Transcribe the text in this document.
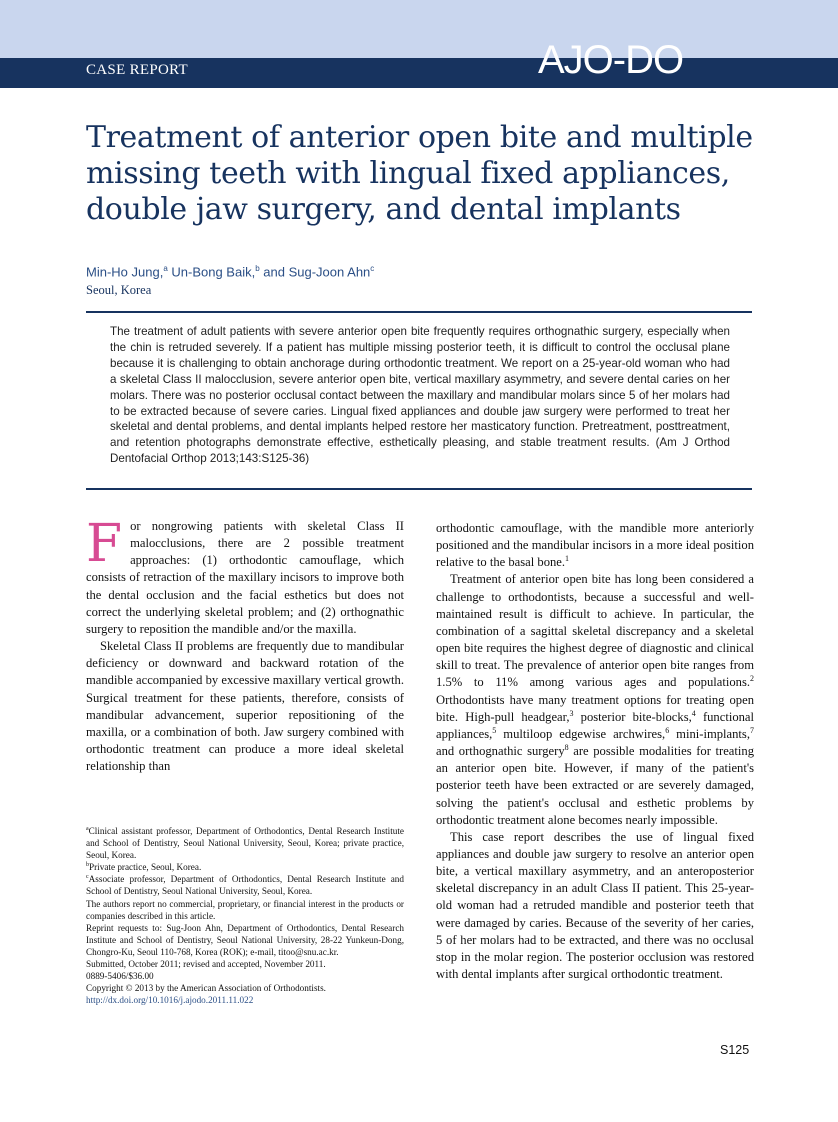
CASE REPORT	AJO-DO
Treatment of anterior open bite and multiple
missing teeth with lingual fixed appliances,
double jaw surgery, and dental implants
Min-Ho Jung,$^a$ Un-Bong Baik,$^b$ and Sug-Joon Ahn$^c$
Seoul, Korea

The treatment of adult patients with severe anterior open bite frequently requires orthognathic surgery, especially when the chin is retruded severely. If a patient has multiple missing posterior teeth, it is difficult to control the occlusal plane because it is challenging to obtain anchorage during orthodontic treatment. We report on a 25-year-old woman who had a skeletal Class II malocclusion, severe anterior open bite, vertical maxillary asymmetry, and severe dental caries on her molars. There was no posterior occlusal contact between the maxillary and mandibular molars since 5 of her molars had to be extracted because of severe caries. Lingual fixed appliances and double jaw surgery were performed to treat her skeletal and dental problems, and dental implants helped restore her masticatory function. Pretreatment, posttreatment, and retention photographs demonstrate effective, esthetically pleasing, and stable treatment results. (Am J Orthod Dentofacial Orthop 2013;143:S125-36)

For nongrowing patients with skeletal Class II malocclusions, there are 2 possible treatment approaches: (1) orthodontic camouflage, which consists of retraction of the maxillary incisors to improve both the dental occlusion and the facial esthetics but does not correct the underlying skeletal problem; and (2) orthognathic surgery to reposition the mandible and/or the maxilla.

Skeletal Class II problems are frequently due to mandibular deficiency or downward and backward rotation of the mandible accompanied by excessive maxillary vertical growth. Surgical treatment for these patients, therefore, consists of mandibular advancement, superior repositioning of the maxilla, or a combination of both. Jaw surgery combined with orthodontic treatment can produce a more ideal skeletal relationship than

orthodontic camouflage, with the mandible more anteriorly positioned and the mandibular incisors in a more ideal position relative to the basal bone.$^1$

Treatment of anterior open bite has long been considered a challenge to orthodontists, because a successful and well-maintained result is difficult to achieve. In particular, the combination of a sagittal skeletal discrepancy and a skeletal open bite requires the highest degree of diagnostic and clinical skill to treat. The prevalence of anterior open bite ranges from 1.5% to 11% among various ages and populations.$^2$ Orthodontists have many treatment options for treating open bite. High-pull headgear,$^3$ posterior bite-blocks,$^4$ functional appliances,$^5$ multiloop edgewise archwires,$^6$ mini-implants,$^7$ and orthognathic surgery$^8$ are possible modalities for treating an anterior open bite. However, if many of the patient's posterior teeth have been extracted or are severely damaged, solving the patient's occlusal and esthetic problems by orthodontic treatment alone becomes nearly impossible.

This case report describes the use of lingual fixed appliances and double jaw surgery to resolve an anterior open bite, a vertical maxillary asymmetry, and an anteroposterior skeletal discrepancy in an adult Class II patient. This 25-year-old woman had a retruded mandible and posterior teeth that were damaged by caries. Because of the severity of her caries, 5 of her molars had to be extracted, and there was no occlusal stop in the molar region. The posterior occlusion was restored with dental implants after surgical orthodontic treatment.

$^a$Clinical assistant professor, Department of Orthodontics, Dental Research Institute and School of Dentistry, Seoul National University, Seoul, Korea; private practice, Seoul, Korea.

$^b$Private practice, Seoul, Korea.

$^c$Associate professor, Department of Orthodontics, Dental Research Institute and School of Dentistry, Seoul National University, Seoul, Korea.

The authors report no commercial, proprietary, or financial interest in the products or companies described in this article.

Reprint requests to: Sug-Joon Ahn, Department of Orthodontics, Dental Research Institute and School of Dentistry, Seoul National University, 28-22 Yunkeun-Dong, Chongro-Ku, Seoul 110-768, Korea (ROK); e-mail, titoo@snu.ac.kr.

Submitted, October 2011; revised and accepted, November 2011.

0889-5406/$36.00

Copyright © 2013 by the American Association of Orthodontists.

http://dx.doi.org/10.1016/j.ajodo.2011.11.022

S125
